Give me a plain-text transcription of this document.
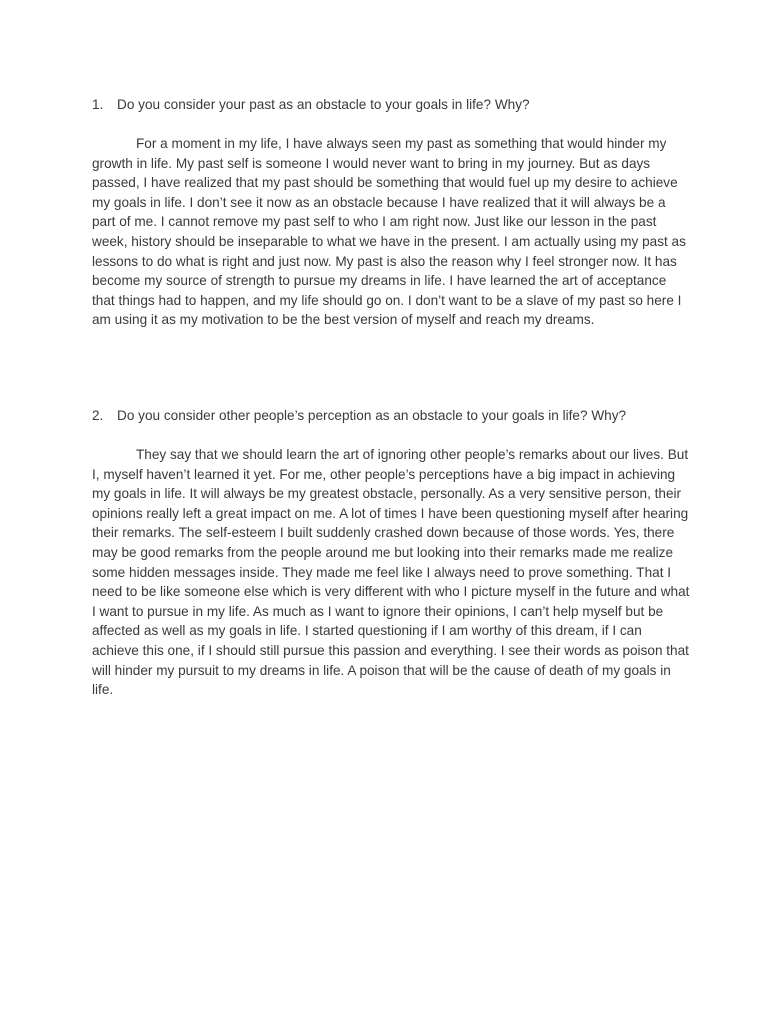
1. Do you consider your past as an obstacle to your goals in life? Why?

For a moment in my life, I have always seen my past as something that would hinder my growth in life. My past self is someone I would never want to bring in my journey. But as days passed, I have realized that my past should be something that would fuel up my desire to achieve my goals in life. I don’t see it now as an obstacle because I have realized that it will always be a part of me. I cannot remove my past self to who I am right now. Just like our lesson in the past week, history should be inseparable to what we have in the present. I am actually using my past as lessons to do what is right and just now. My past is also the reason why I feel stronger now. It has become my source of strength to pursue my dreams in life. I have learned the art of acceptance that things had to happen, and my life should go on. I don’t want to be a slave of my past so here I am using it as my motivation to be the best version of myself and reach my dreams.

2. Do you consider other people’s perception as an obstacle to your goals in life? Why?

They say that we should learn the art of ignoring other people’s remarks about our lives. But I, myself haven’t learned it yet. For me, other people’s perceptions have a big impact in achieving my goals in life. It will always be my greatest obstacle, personally. As a very sensitive person, their opinions really left a great impact on me. A lot of times I have been questioning myself after hearing their remarks. The self-esteem I built suddenly crashed down because of those words. Yes, there may be good remarks from the people around me but looking into their remarks made me realize some hidden messages inside. They made me feel like I always need to prove something. That I need to be like someone else which is very different with who I picture myself in the future and what I want to pursue in my life. As much as I want to ignore their opinions, I can’t help myself but be affected as well as my goals in life. I started questioning if I am worthy of this dream, if I can achieve this one, if I should still pursue this passion and everything. I see their words as poison that will hinder my pursuit to my dreams in life. A poison that will be the cause of death of my goals in life.
